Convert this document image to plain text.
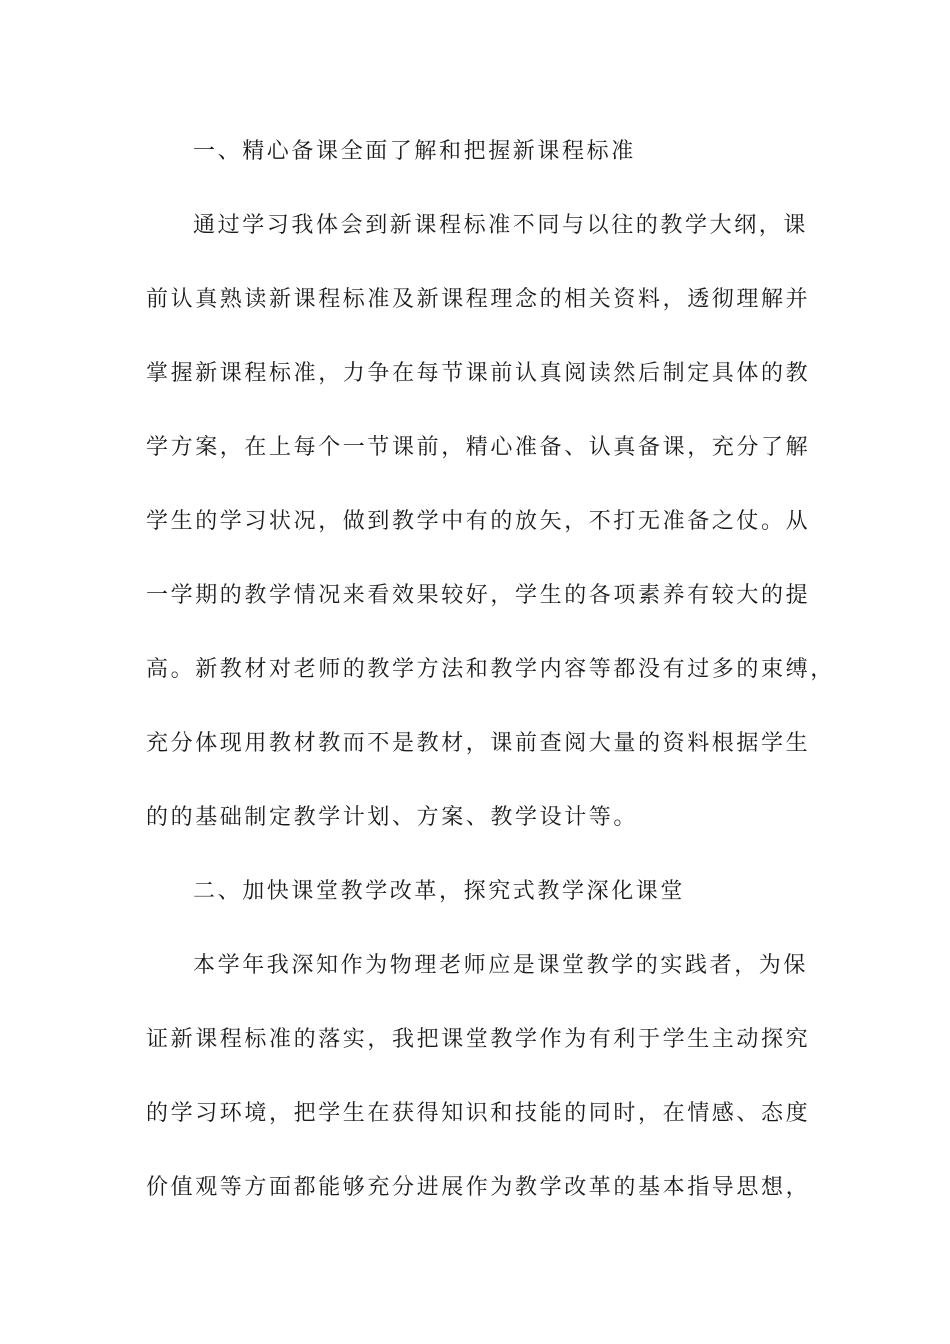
一、精心备课全面了解和把握新课程标准
通过学习我体会到新课程标准不同与以往的教学大纲，课
前认真熟读新课程标准及新课程理念的相关资料，透彻理解并
掌握新课程标准，力争在每节课前认真阅读然后制定具体的教
学方案，在上每个一节课前，精心准备、认真备课，充分了解
学生的学习状况，做到教学中有的放矢，不打无准备之仗。从
一学期的教学情况来看效果较好，学生的各项素养有较大的提
高。新教材对老师的教学方法和教学内容等都没有过多的束缚，
充分体现用教材教而不是教材，课前查阅大量的资料根据学生
的的基础制定教学计划、方案、教学设计等。
二、加快课堂教学改革，探究式教学深化课堂
本学年我深知作为物理老师应是课堂教学的实践者，为保
证新课程标准的落实，我把课堂教学作为有利于学生主动探究
的学习环境，把学生在获得知识和技能的同时，在情感、态度
价值观等方面都能够充分进展作为教学改革的基本指导思想，
